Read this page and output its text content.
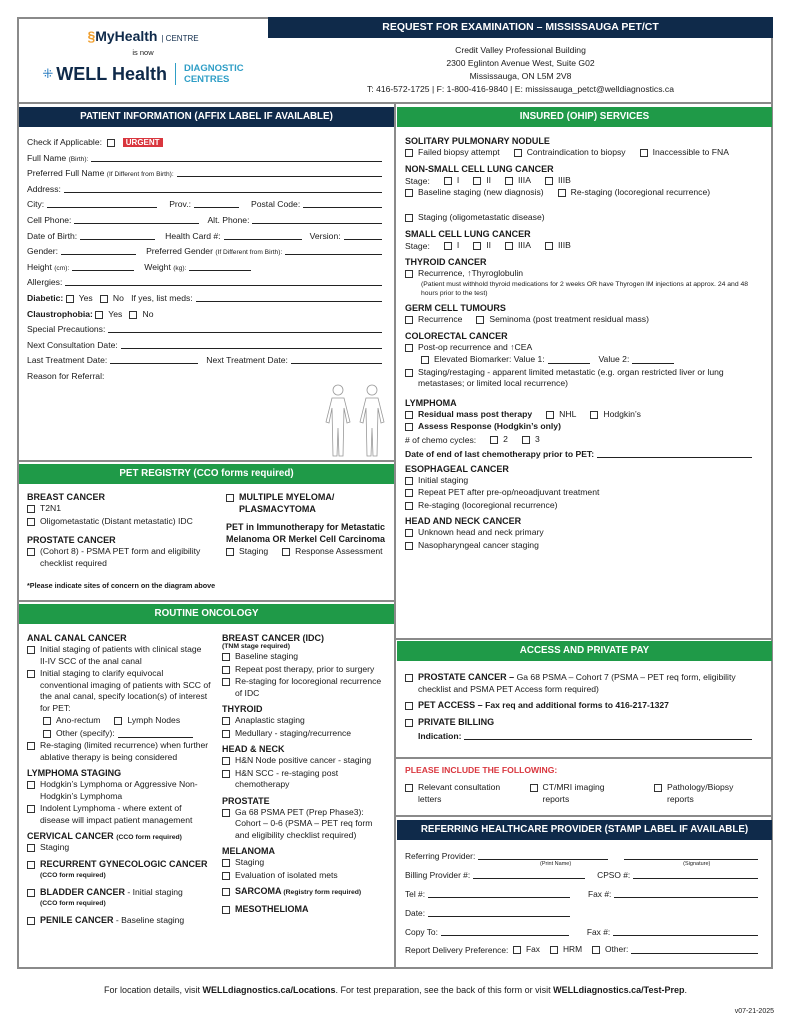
§MyHealth | CENTRE
is now
⁜ WELL Health	DIAGNOSTIC
CENTRES
REQUEST FOR EXAMINATION – MISSISSAUGA PET/CT
Credit Valley Professional Building
2300 Eglinton Avenue West, Suite G02
Mississauga, ON L5M 2V8
T: 416-572-1725 | F: 1-800-416-9840 | E: mississauga_petct@welldiagnostics.ca
PATIENT INFORMATION (AFFIX LABEL IF AVAILABLE)
Check if Applicable:
	URGENT
Full Name
(Birth):
Preferred Full Name
(If Different from Birth):
Address:
City:	Prov.:	Postal Code:
Cell Phone:	Alt. Phone:
Date of Birth:	Health Card #:	Version:
Gender:	Preferred Gender
(If Different from Birth):
Height
(cm):	Weight
(kg):
Allergies:
Diabetic:
Yes
No
If yes, list meds:
Claustrophobia:
Yes
No
Special Precautions:
Next Consultation Date:
Last Treatment Date:	Next Treatment Date:
Reason for Referral:
PET REGISTRY (CCO forms required)
BREAST CANCER
T2N1
Oligometastatic (Distant metastatic) IDC
PROSTATE CANCER
(Cohort 8) - PSMA PET form and eligibility checklist required
MULTIPLE MYELOMA/ PLASMACYTOMA
PET in Immunotherapy for Metastatic Melanoma OR Merkel Cell Carcinoma
Staging	Response Assessment
*Please indicate sites of concern on the diagram above
ROUTINE ONCOLOGY
ANAL CANAL CANCER
Initial staging of patients with clinical stage II-IV SCC of the anal canal
Initial staging to clarify equivocal conventional imaging of patients with SCC of the anal canal, specify location(s) of interest for PET:
Ano-rectum	Lymph Nodes
Other (specify):
Re-staging (limited recurrence) when further ablative therapy is being considered
LYMPHOMA STAGING
Hodgkin’s Lymphoma or Aggressive Non-Hodgkin’s Lymphoma
Indolent Lymphoma - where extent of disease will impact patient management
CERVICAL CANCER (CCO form required)
Staging
RECURRENT GYNECOLOGIC CANCER
(CCO form required)
BLADDER CANCER - Initial staging
(CCO form required)
PENILE CANCER - Baseline staging
BREAST CANCER (IDC)
(TNM stage required)
Baseline staging
Repeat post therapy, prior to surgery
Re-staging for locoregional recurrence of IDC
THYROID
Anaplastic staging
Medullary - staging/recurrence
HEAD & NECK
H&N Node positive cancer - staging
H&N SCC - re-staging post chemotherapy
PROSTATE
Ga 68 PSMA PET (Prep Phase3): Cohort – 0-6 (PSMA – PET req form and eligibility checklist required)
MELANOMA
Staging
Evaluation of isolated mets
SARCOMA (Registry form required)
MESOTHELIOMA
INSURED (OHIP) SERVICES
SOLITARY PULMONARY NODULE
Failed biopsy attempt	Contraindication to biopsy	Inaccessible to FNA
NON-SMALL CELL LUNG CANCER
Stage:	I	II	IIIA	IIIB
Baseline staging (new diagnosis)	Re-staging (locoregional recurrence)
Staging (oligometastatic disease)
SMALL CELL LUNG CANCER
Stage:	I	II	IIIA	IIIB
THYROID CANCER
Recurrence,
↑ Thyroglobulin
(Patient must withhold thyroid medications for 2 weeks OR have Thyrogen IM injections at approx. 24 and 48 hours prior to the test)
GERM CELL TUMOURS
Recurrence	Seminoma (post treatment residual mass)
COLORECTAL CANCER
Post-op recurrence and
↑ CEA
Elevated Biomarker: Value 1:
	Value 2:
Staging/restaging - apparent limited metastatic (e.g. organ restricted liver or lung metastases; or limited local recurrence)
LYMPHOMA
Residual mass post therapy	NHL	Hodgkin’s
Assess Response (Hodgkin’s only)
# of chemo cycles:	2	3
Date of end of last chemotherapy prior to PET:
ESOPHAGEAL CANCER
Initial staging
Repeat PET after pre-op/neoadjuvant treatment
Re-staging (locoregional recurrence)
HEAD AND NECK CANCER
Unknown head and neck primary
Nasopharyngeal cancer staging
ACCESS AND PRIVATE PAY
PROSTATE CANCER – Ga 68 PSMA – Cohort 7 (PSMA – PET req form, eligibility checklist and PSMA PET Access form required)
PET ACCESS – Fax req and additional forms to 416-217-1327
PRIVATE BILLING
Indication:
PLEASE INCLUDE THE FOLLOWING:
Relevant consultation letters
CT/MRI imaging reports
Pathology/Biopsy reports
REFERRING HEALTHCARE PROVIDER (STAMP LABEL IF AVAILABLE)
Referring Provider:
(Print Name)	(Signature)
Billing Provider #:	CPSO #:
Tel #:	Fax #:
Date:
Copy To:	Fax #:
Report Delivery Preference:
Fax	HRM	Other:
For location details, visit WELLdiagnostics.ca/Locations. For test preparation, see the back of this form or visit WELLdiagnostics.ca/Test-Prep.
v07-21-2025
